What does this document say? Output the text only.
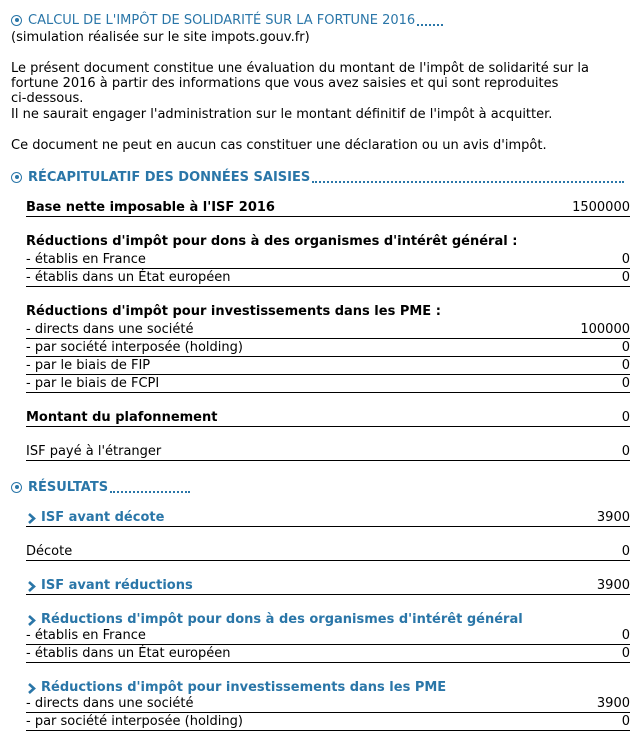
CALCUL DE L'IMPÔT DE SOLIDARITÉ SUR LA FORTUNE 2016
(simulation réalisée sur le site impots.gouv.fr)
Le présent document constitue une évaluation du montant de l'impôt de solidarité sur la
fortune 2016 à partir des informations que vous avez saisies et qui sont reproduites
ci-dessous.
Il ne saurait engager l'administration sur le montant définitif de l'impôt à acquitter.
Ce document ne peut en aucun cas constituer une déclaration ou un avis d'impôt.
RÉCAPITULATIF DES DONNÉES SAISIES
Base nette imposable à l'ISF 2016	1500000
Réductions d'impôt pour dons à des organismes d'intérêt général :
- établis en France	0
- établis dans un État européen	0
Réductions d'impôt pour investissements dans les PME :
- directs dans une société	100000
- par société interposée (holding)	0
- par le biais de FIP	0
- par le biais de FCPI	0
Montant du plafonnement	0
ISF payé à l'étranger	0
RÉSULTATS
ISF avant décote	3900
Décote	0
ISF avant réductions	3900
Réductions d'impôt pour dons à des organismes d'intérêt général
- établis en France	0
- établis dans un État européen	0
Réductions d'impôt pour investissements dans les PME
- directs dans une société	3900
- par société interposée (holding)	0
